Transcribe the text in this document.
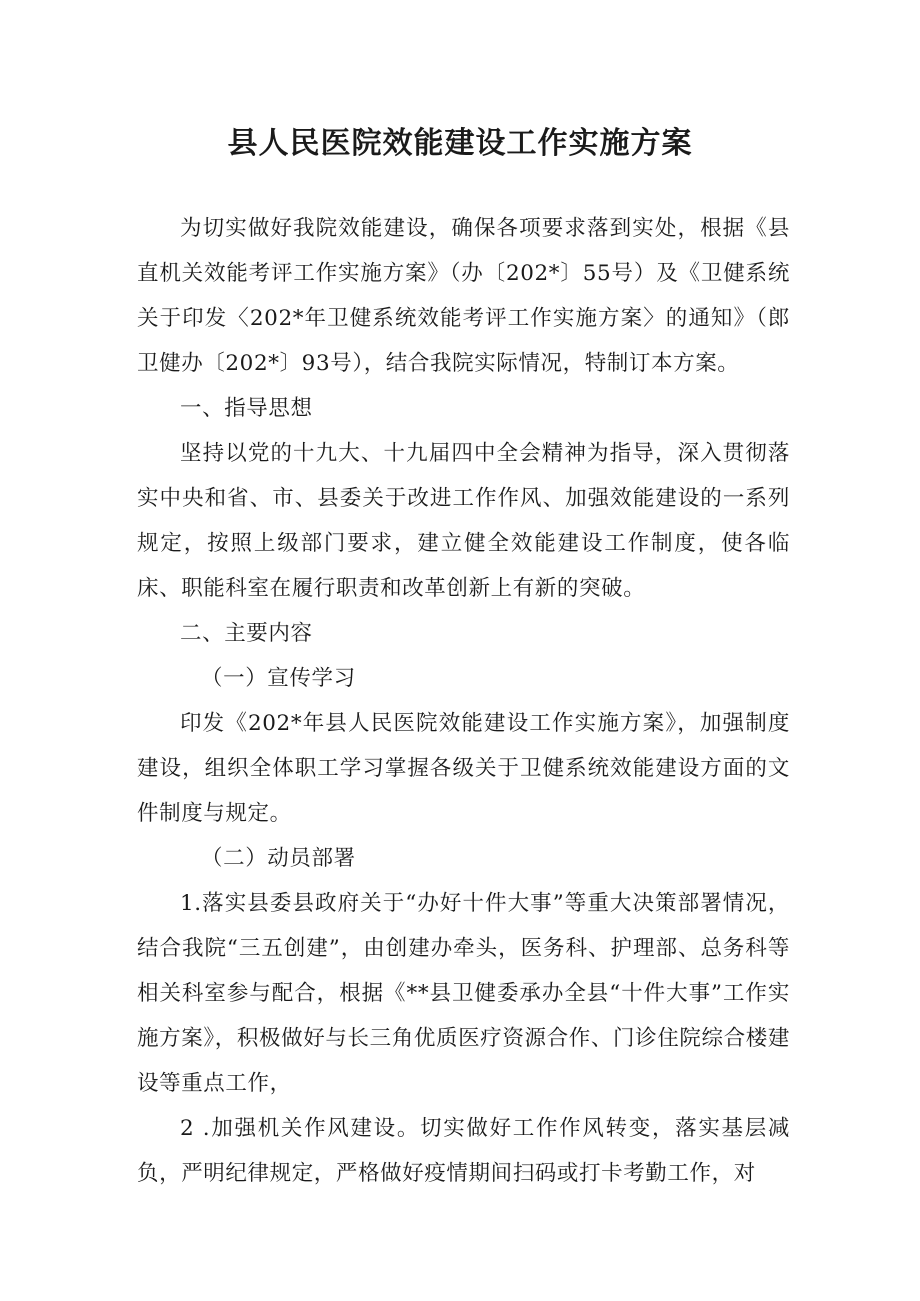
县人民医院效能建设工作实施方案

为切实做好我院效能建设，确保各项要求落到实处，根据《县直机关效能考评工作实施方案》（办〔202*〕55号）及《卫健系统关于印发〈202*年卫健系统效能考评工作实施方案〉的通知》（郎卫健办〔202*〕93号），结合我院实际情况，特制订本方案。

一、指导思想

坚持以党的十九大、十九届四中全会精神为指导，深入贯彻落实中央和省、市、县委关于改进工作作风、加强效能建设的一系列规定，按照上级部门要求，建立健全效能建设工作制度，使各临床、职能科室在履行职责和改革创新上有新的突破。

二、主要内容

（一）宣传学习

印发《202*年县人民医院效能建设工作实施方案》，加强制度建设，组织全体职工学习掌握各级关于卫健系统效能建设方面的文件制度与规定。

（二）动员部署

1.落实县委县政府关于“办好十件大事”等重大决策部署情况，结合我院“三五创建”，由创建办牵头，医务科、护理部、总务科等相关科室参与配合，根据《**县卫健委承办全县“十件大事”工作实施方案》，积极做好与长三角优质医疗资源合作、门诊住院综合楼建设等重点工作，

2 .加强机关作风建设。切实做好工作作风转变，落实基层减负，严明纪律规定，严格做好疫情期间扫码或打卡考勤工作，对
